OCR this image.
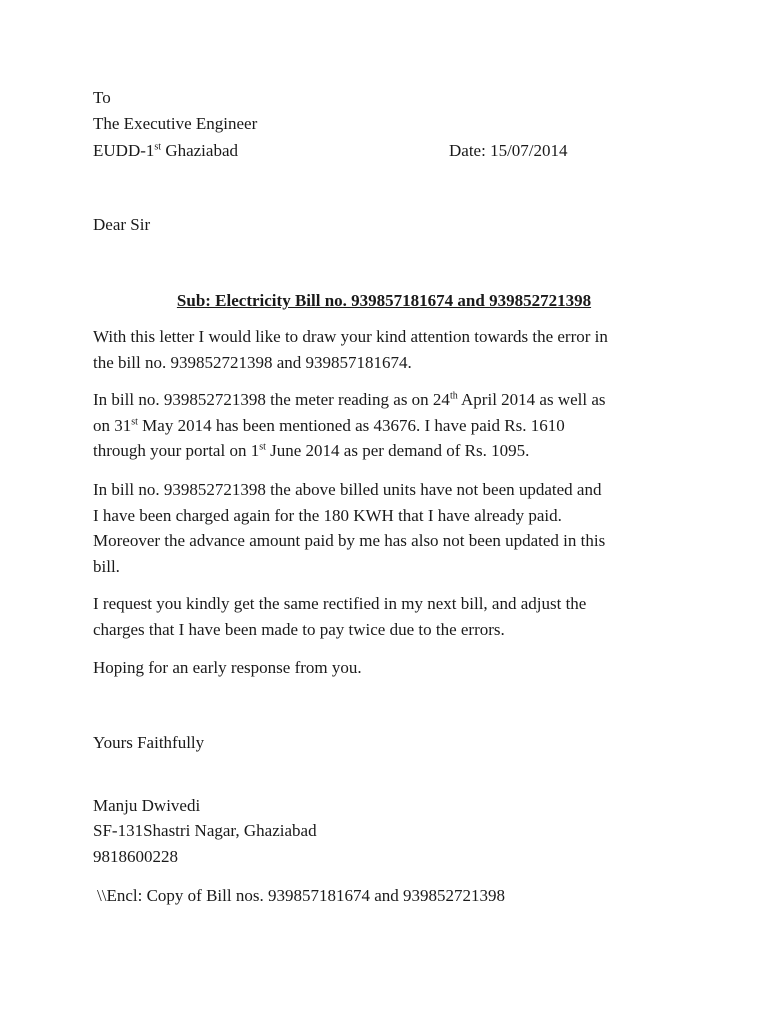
To
The Executive Engineer
EUDD-1st Ghaziabad	Date: 15/07/2014
Dear Sir
Sub: Electricity Bill no. 939857181674 and 939852721398
With this letter I would like to draw your kind attention towards the error in
the bill no. 939852721398 and 939857181674.
In bill no. 939852721398 the meter reading as on 24th April 2014 as well as
on 31st May 2014 has been mentioned as 43676. I have paid Rs. 1610
through your portal on 1st June 2014 as per demand of Rs. 1095.
In bill no. 939852721398 the above billed units have not been updated and
I have been charged again for the 180 KWH that I have already paid.
Moreover the advance amount paid by me has also not been updated in this
bill.
I request you kindly get the same rectified in my next bill, and adjust the
charges that I have been made to pay twice due to the errors.
Hoping for an early response from you.
Yours Faithfully
Manju Dwivedi
SF-131Shastri Nagar, Ghaziabad
9818600228
\\Encl: Copy of Bill nos. 939857181674 and 939852721398
